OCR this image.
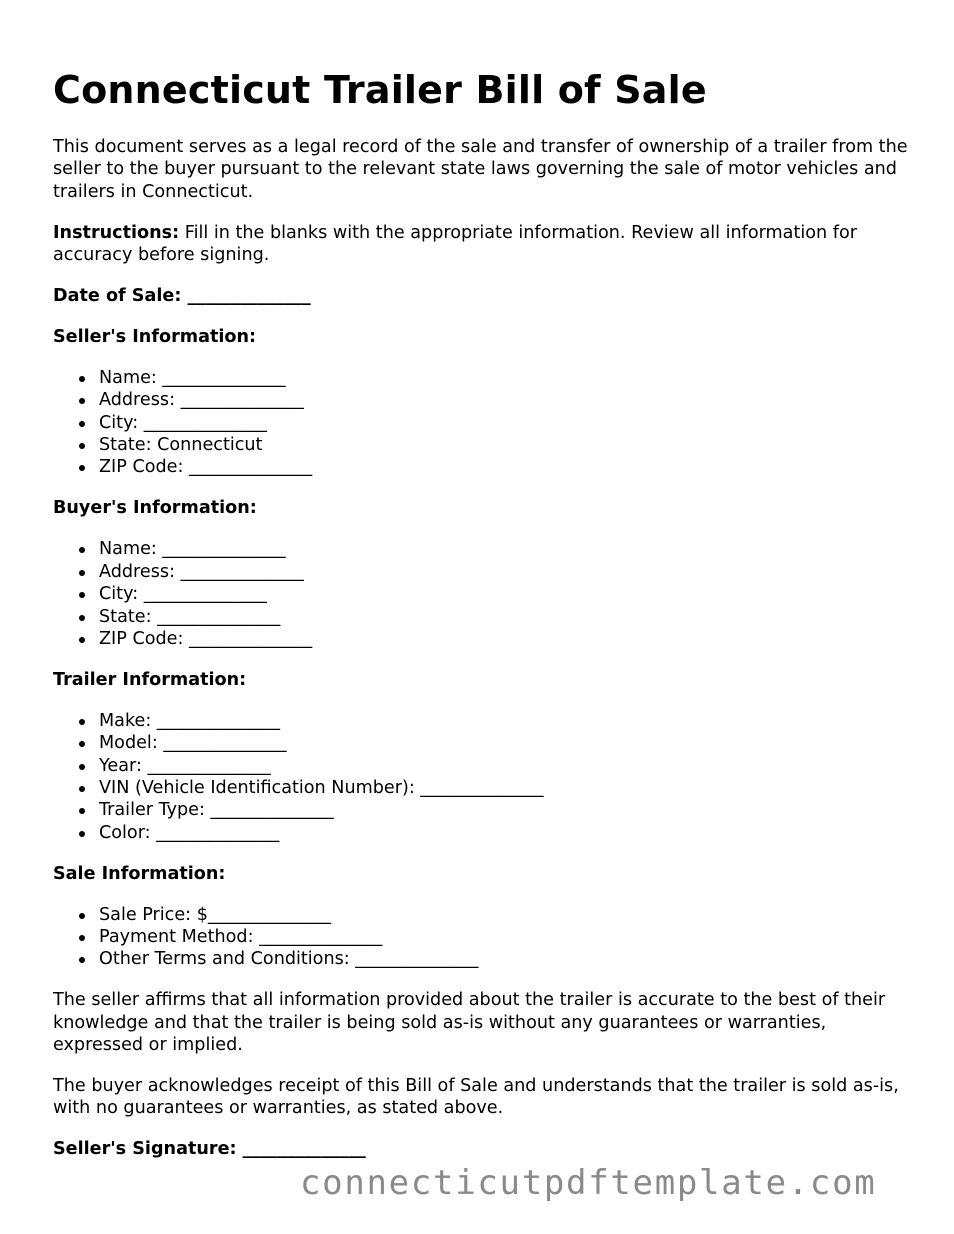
Connecticut Trailer Bill of Sale

This document serves as a legal record of the sale and transfer of ownership of a trailer from the seller to the buyer pursuant to the relevant state laws governing the sale of motor vehicles and trailers in Connecticut.

Instructions: Fill in the blanks with the appropriate information. Review all information for accuracy before signing.

Date of Sale: ______________

Seller's Information:

Name: ______________
Address: ______________
City: ______________
State: Connecticut
ZIP Code: ______________

Buyer's Information:

Name: ______________
Address: ______________
City: ______________
State: ______________
ZIP Code: ______________

Trailer Information:

Make: ______________
Model: ______________
Year: ______________
VIN (Vehicle Identification Number): ______________
Trailer Type: ______________
Color: ______________

Sale Information:

Sale Price: $______________
Payment Method: ______________
Other Terms and Conditions: ______________

The seller affirms that all information provided about the trailer is accurate to the best of their knowledge and that the trailer is being sold as-is without any guarantees or warranties, expressed or implied.

The buyer acknowledges receipt of this Bill of Sale and understands that the trailer is sold as-is, with no guarantees or warranties, as stated above.

Seller's Signature: ______________

connecticutpdftemplate.com
